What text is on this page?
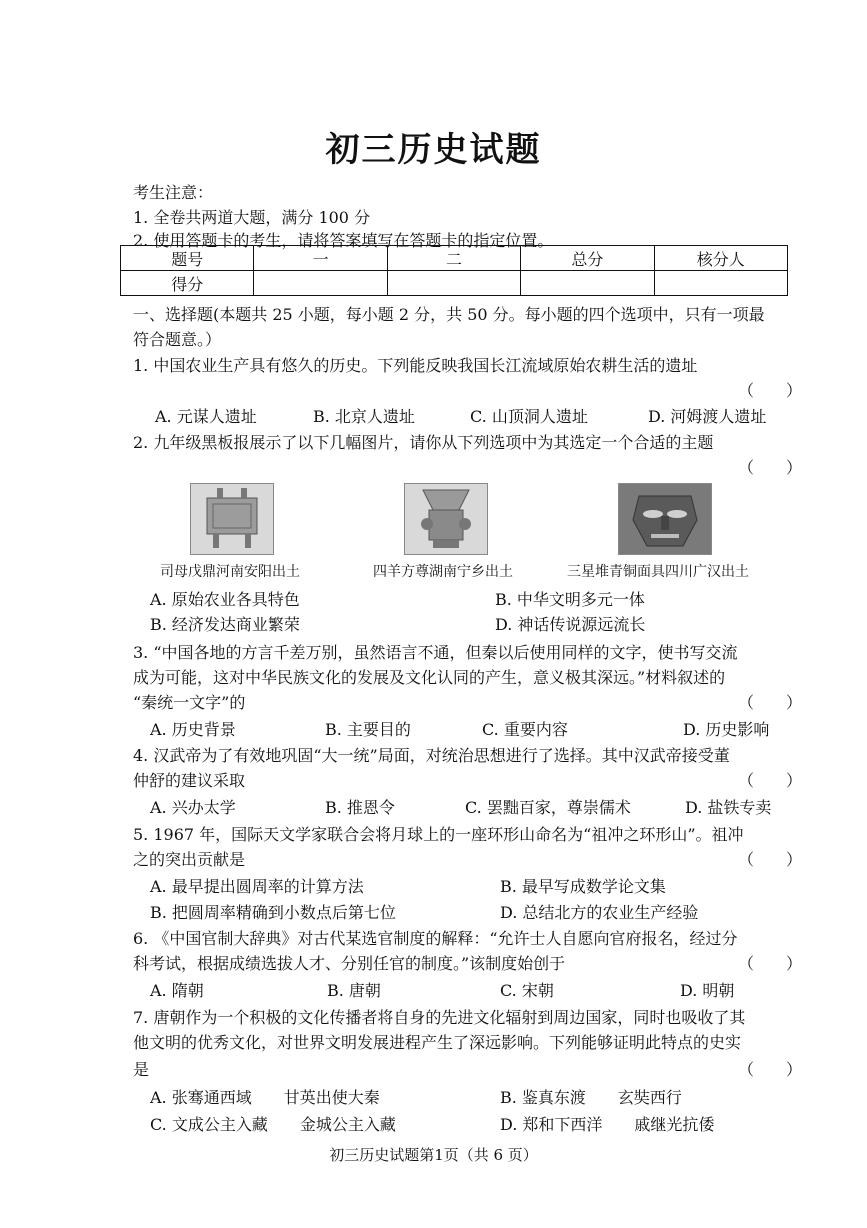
初三历史试题
考生注意：
1. 全卷共两道大题，满分 100 分
2. 使用答题卡的考生，请将答案填写在答题卡的指定位置。
题号	一	二	总分	核分人
得分				
一、选择题(本题共 25 小题，每小题 2 分，共 50 分。每小题的四个选项中，只有一项最
符合题意。）
1. 中国农业生产具有悠久的历史。下列能反映我国长江流域原始农耕生活的遗址
（　　）
A. 元谋人遗址	B. 北京人遗址	C. 山顶洞人遗址	D. 河姆渡人遗址
2. 九年级黑板报展示了以下几幅图片，请你从下列选项中为其选定一个合适的主题
（　　）
司母戊鼎河南安阳出土	四羊方尊湖南宁乡出土	三星堆青铜面具四川广汉出土
A. 原始农业各具特色	B. 中华文明多元一体
B. 经济发达商业繁荣	D. 神话传说源远流长
3. “中国各地的方言千差万别，虽然语言不通，但秦以后使用同样的文字，使书写交流
成为可能，这对中华民族文化的发展及文化认同的产生，意义极其深远。”材料叙述的
“秦统一文字”的	（　　）
A. 历史背景	B. 主要目的	C. 重要内容	D. 历史影响
4. 汉武帝为了有效地巩固“大一统”局面，对统治思想进行了选择。其中汉武帝接受董
仲舒的建议采取	（　　）
A. 兴办太学	B. 推恩令	C. 罢黜百家，尊崇儒术	D. 盐铁专卖
5. 1967 年，国际天文学家联合会将月球上的一座环形山命名为“祖冲之环形山”。祖冲
之的突出贡献是	（　　）
A. 最早提出圆周率的计算方法	B. 最早写成数学论文集
B. 把圆周率精确到小数点后第七位	D. 总结北方的农业生产经验
6. 《中国官制大辞典》对古代某选官制度的解释：“允许士人自愿向官府报名，经过分
科考试，根据成绩选拔人才、分别任官的制度。”该制度始创于	（　　）
A. 隋朝	B. 唐朝	C. 宋朝	D. 明朝
7. 唐朝作为一个积极的文化传播者将自身的先进文化辐射到周边国家，同时也吸收了其
他文明的优秀文化，对世界文明发展进程产生了深远影响。下列能够证明此特点的史实
是	（　　）
A. 张骞通西域　　甘英出使大秦	B. 鉴真东渡　　玄奘西行
C. 文成公主入藏　　金城公主入藏	D. 郑和下西洋　　戚继光抗倭
初三历史试题第1页（共 6 页）
